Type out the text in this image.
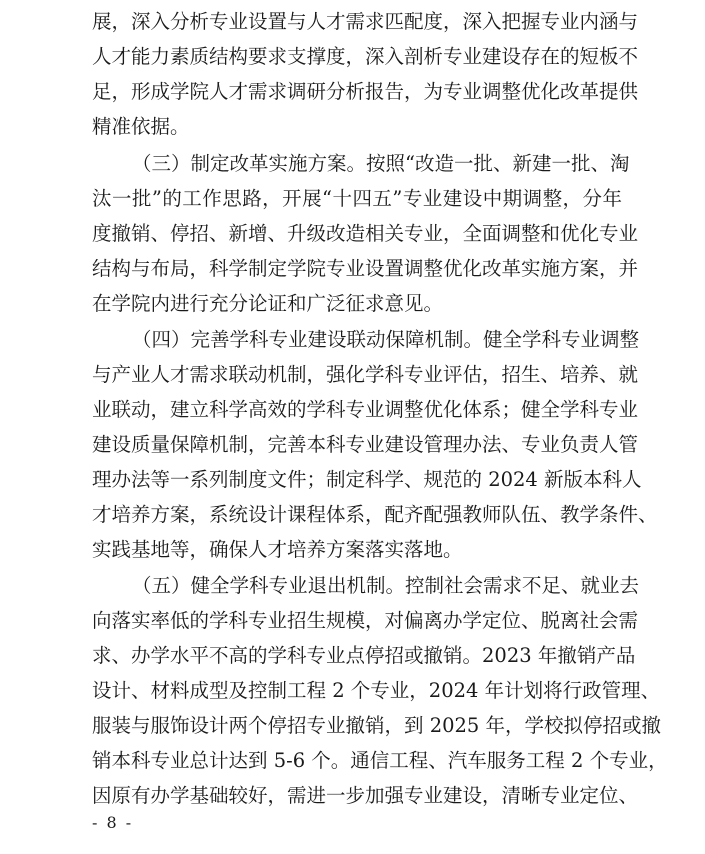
展，深入分析专业设置与人才需求匹配度，深入把握专业内涵与
人才能力素质结构要求支撑度，深入剖析专业建设存在的短板不
足，形成学院人才需求调研分析报告，为专业调整优化改革提供
精准依据。
（三）制定改革实施方案。按照“改造一批、新建一批、淘
汰一批”的工作思路，开展“十四五”专业建设中期调整，分年
度撤销、停招、新增、升级改造相关专业，全面调整和优化专业
结构与布局，科学制定学院专业设置调整优化改革实施方案，并
在学院内进行充分论证和广泛征求意见。
（四）完善学科专业建设联动保障机制。健全学科专业调整
与产业人才需求联动机制，强化学科专业评估，招生、培养、就
业联动，建立科学高效的学科专业调整优化体系；健全学科专业
建设质量保障机制，完善本科专业建设管理办法、专业负责人管
理办法等一系列制度文件；制定科学、规范的 2024 新版本科人
才培养方案，系统设计课程体系，配齐配强教师队伍、教学条件、
实践基地等，确保人才培养方案落实落地。
（五）健全学科专业退出机制。控制社会需求不足、就业去
向落实率低的学科专业招生规模，对偏离办学定位、脱离社会需
求、办学水平不高的学科专业点停招或撤销。2023 年撤销产品
设计、材料成型及控制工程 2 个专业，2024 年计划将行政管理、
服装与服饰设计两个停招专业撤销，到 2025 年，学校拟停招或撤
销本科专业总计达到 5-6 个。通信工程、汽车服务工程 2 个专业，
因原有办学基础较好，需进一步加强专业建设，清晰专业定位、
- 8 -
